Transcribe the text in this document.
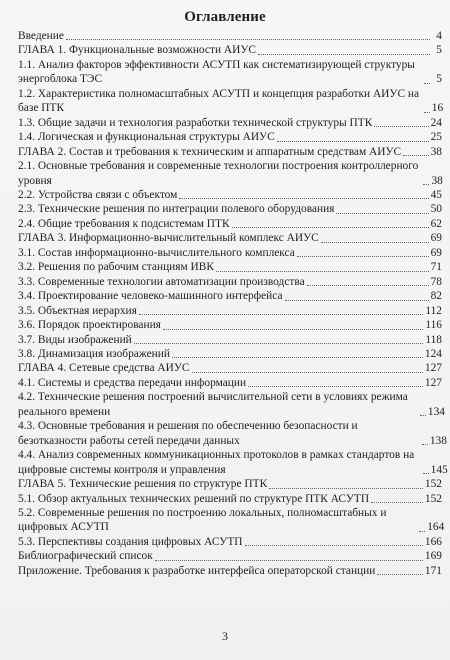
Оглавление
Введение	4
ГЛАВА 1. Функциональные возможности АИУС	5
1.1. Анализ факторов эффективности АСУТП как систематизирующей структуры энергоблока ТЭС	5
1.2. Характеристика полномасштабных АСУТП и концепция разработки АИУС на базе ПТК	16
1.3. Общие задачи и технология разработки технической структуры ПТК	24
1.4. Логическая и функциональная структуры АИУС	25
ГЛАВА 2. Состав и требования к техническим и аппаратным средствам АИУС	38
2.1. Основные требования и современные технологии построения контроллерного уровня	38
2.2. Устройства связи с объектом	45
2.3. Технические решения по интеграции полевого оборудования	50
2.4. Общие требования к подсистемам ПТК	62
ГЛАВА 3. Информационно-вычислительный комплекс АИУС	69
3.1. Состав информационно-вычислительного комплекса	69
3.2. Решения по рабочим станциям ИВК	71
3.3. Современные технологии автоматизации производства	78
3.4. Проектирование человеко-машинного интерфейса	82
3.5. Объектная иерархия	112
3.6. Порядок проектирования	116
3.7. Виды изображений	118
3.8. Динамизация изображений	124
ГЛАВА 4. Сетевые средства АИУС	127
4.1. Системы и средства передачи информации	127
4.2. Технические решения построений вычислительной сети в условиях режима реального времени	134
4.3. Основные требования и решения по обеспечению безопасности и безотказности работы сетей передачи данных	138
4.4. Анализ современных коммуникационных протоколов в рамках стандартов на цифровые системы контроля и управления	145
ГЛАВА 5. Технические решения по структуре ПТК	152
5.1. Обзор актуальных технических решений по структуре ПТК АСУТП	152
5.2. Современные решения по построению локальных, полномасштабных и цифровых АСУТП	164
5.3. Перспективы создания цифровых АСУТП	166
Библиографический список	169
Приложение. Требования к разработке интерфейса операторской станции	171
3
